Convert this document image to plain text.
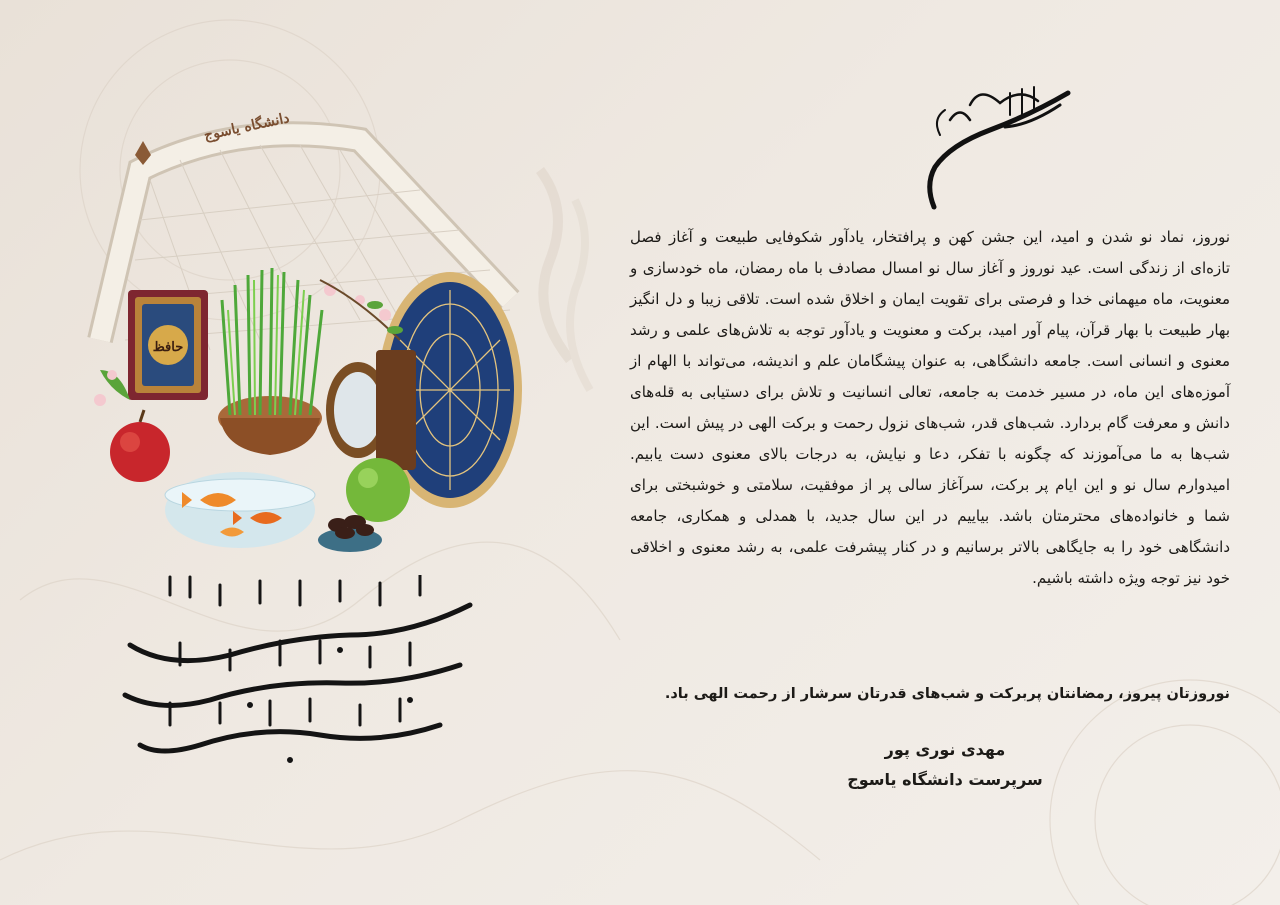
دانشگاه یاسوج
حافظ

نوروز، نماد نو شدن و امید، این جشن کهن و پرافتخار، یادآور شکوفایی طبیعت و آغاز فصل تازه‌ای از زندگی است. عید نوروز و آغاز سال نو امسال مصادف با ماه رمضان، ماه خودسازی و معنویت، ماه میهمانی خدا و فرصتی برای تقویت ایمان و اخلاق شده است. تلاقی زیبا و دل انگیز بهار طبیعت با بهار قرآن، پیام آور امید، برکت و معنویت و یادآور توجه به تلاش‌های علمی و رشد معنوی و انسانی است. جامعه دانشگاهی، به عنوان پیشگامان علم و اندیشه، می‌تواند با الهام از آموزه‌های این ماه، در مسیر خدمت به جامعه، تعالی انسانیت و تلاش برای دستیابی به قله‌های دانش و معرفت گام بردارد. شب‌های قدر، شب‌های نزول رحمت و برکت الهی در پیش است. این شب‌ها به ما می‌آموزند که چگونه با تفکر، دعا و نیایش، به درجات بالای معنوی دست یابیم. امیدوارم سال نو و این ایام پر برکت، سرآغاز سالی پر از موفقیت، سلامتی و خوشبختی برای شما و خانواده‌های محترمتان باشد. بیاییم در این سال جدید، با همدلی و همکاری، جامعه دانشگاهی خود را به جایگاهی بالاتر برسانیم و در کنار پیشرفت علمی، به رشد معنوی و اخلاقی خود نیز توجه ویژه داشته باشیم.

نوروزتان پیروز، رمضانتان پربرکت و شب‌های قدرتان سرشار از رحمت الهی باد.
مهدی نوری پور
سرپرست دانشگاه یاسوج
